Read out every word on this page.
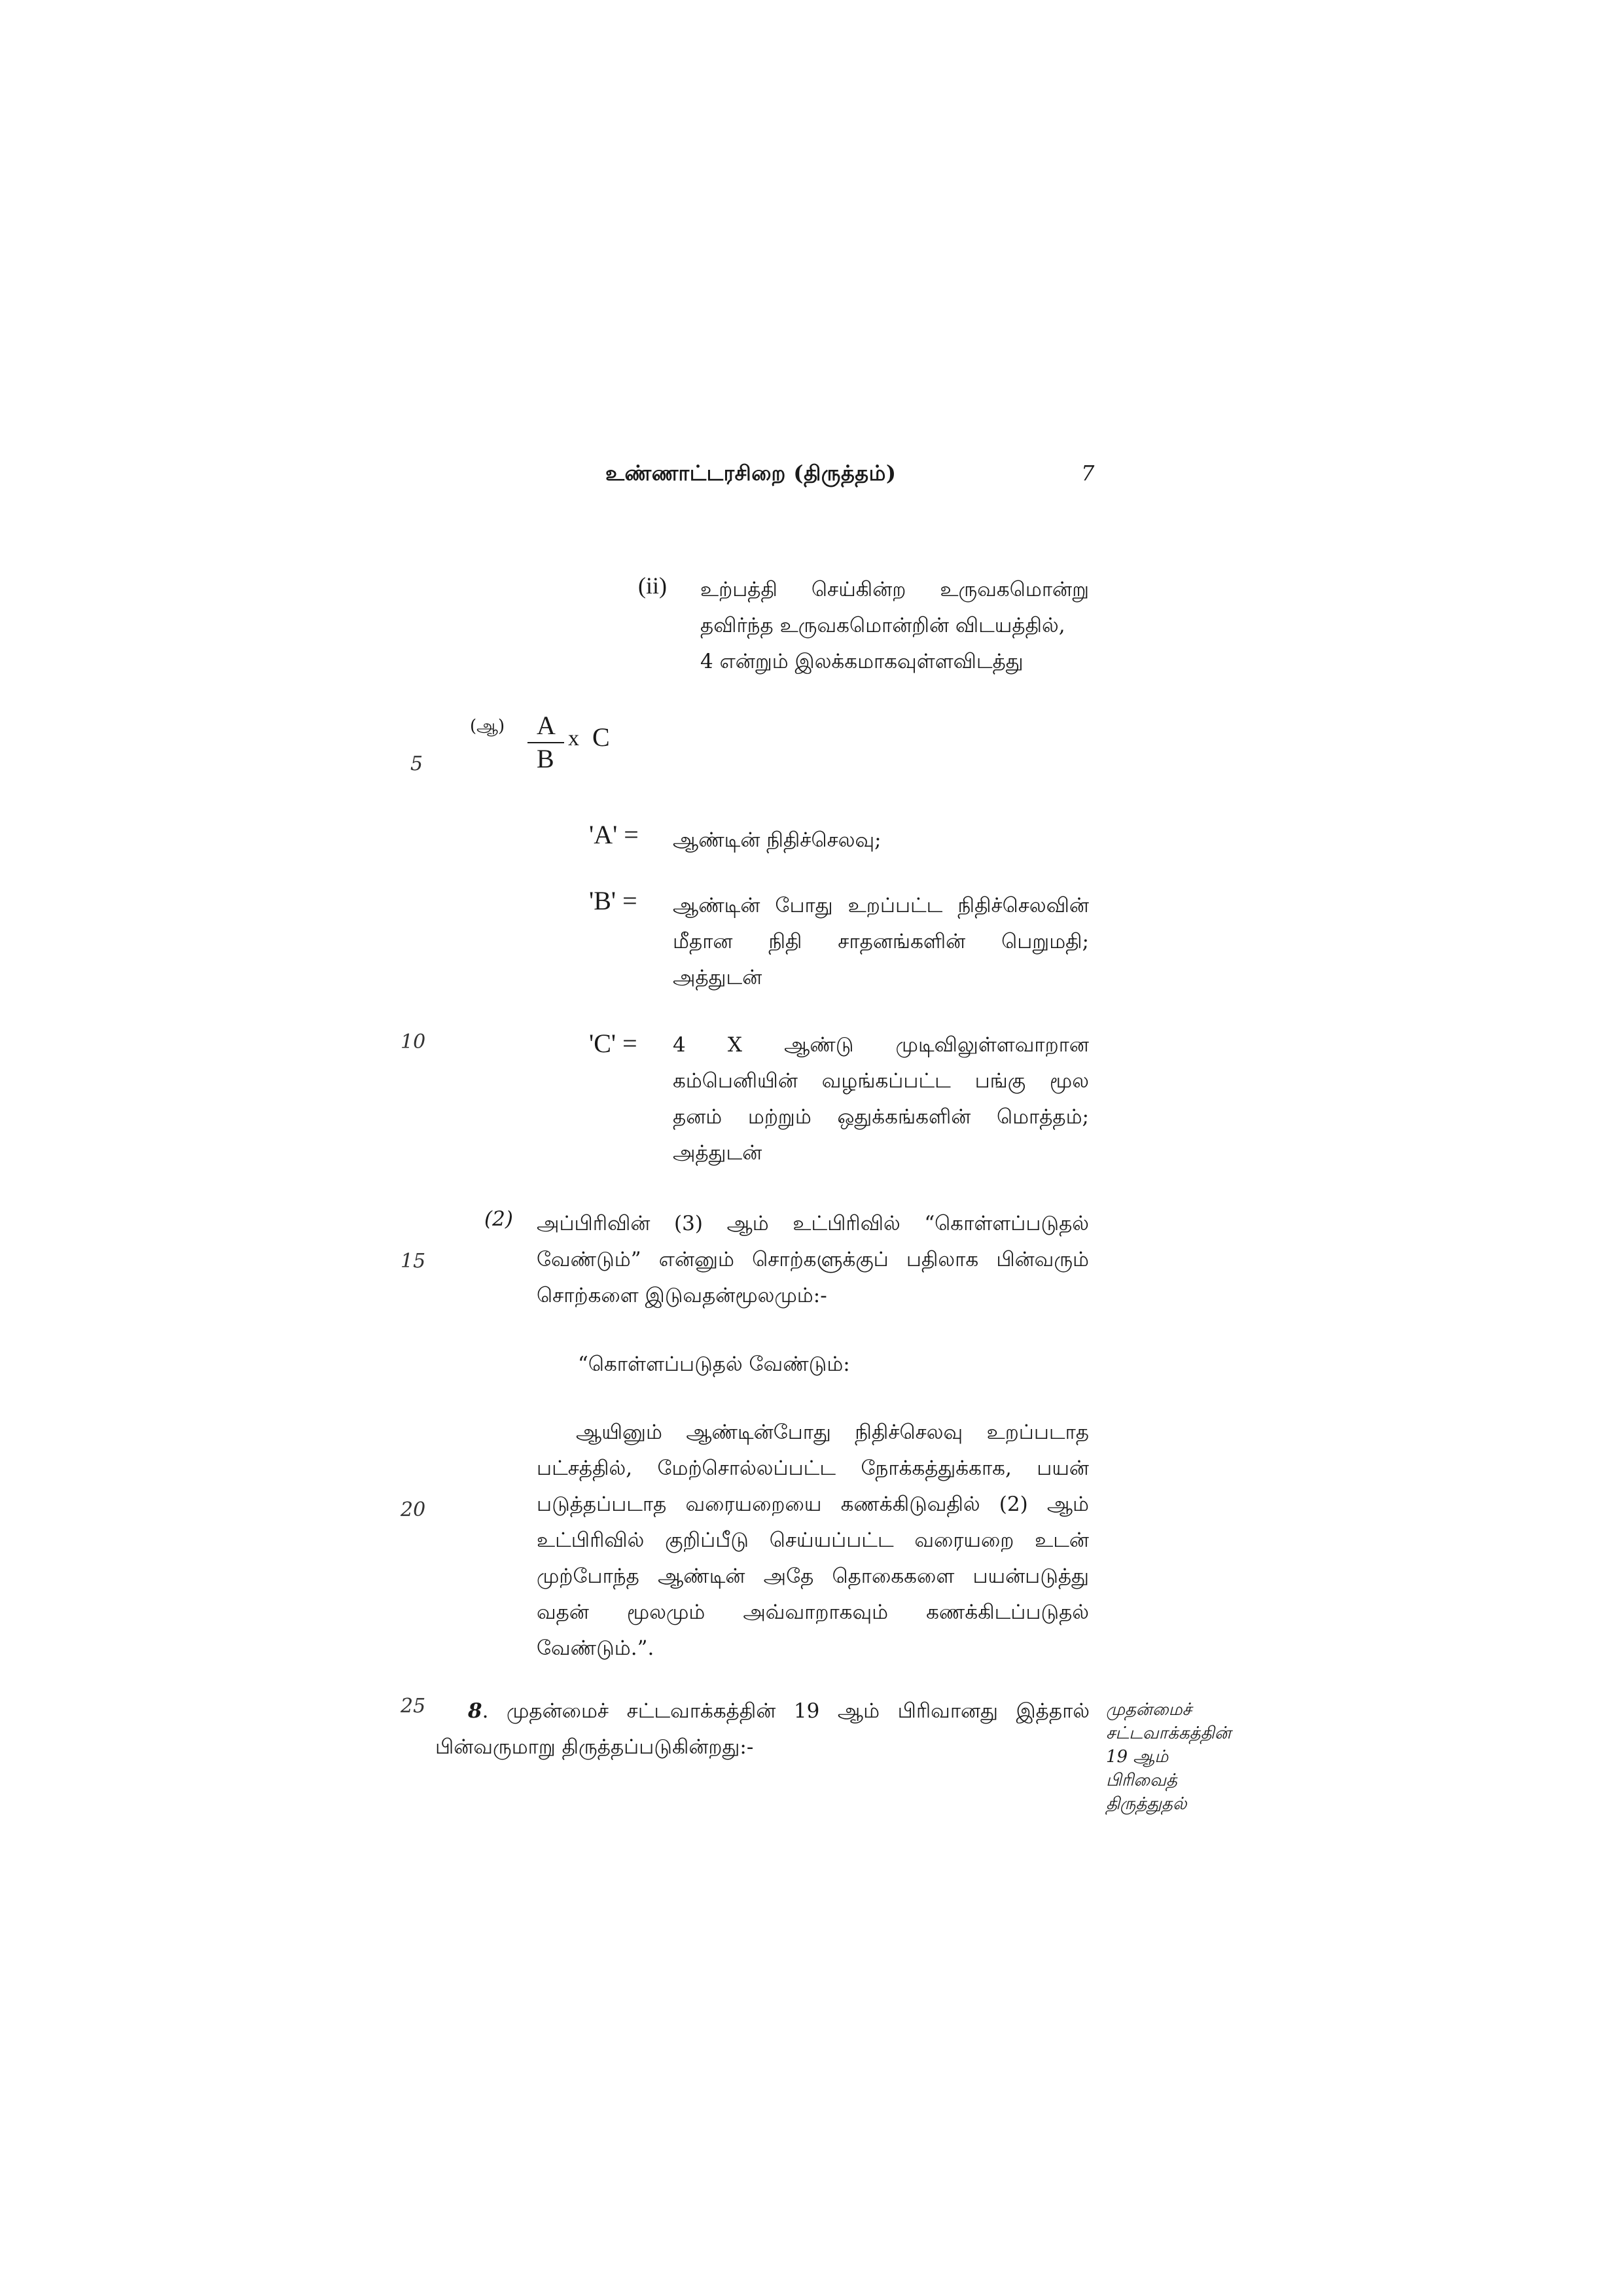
உண்ணாட்டரசிறை (திருத்தம்)	7
5
10
15
20
25
(ii) உற்பத்தி செய்கின்ற உருவகமொன்று

தவிர்ந்த உருவகமொன்றின் விடயத்தில்,

4 என்றும் இலக்கமாகவுள்ளவிடத்து

(ஆ) A
B
x C
'A' = ஆண்டின் நிதிச்செலவு;
'B' = ஆண்டின் போது உறப்பட்ட நிதிச்செலவின்

மீதான நிதி சாதனங்களின் பெறுமதி;

அத்துடன்

'C' = 4 X ஆண்டு முடிவிலுள்ளவாறான

கம்பெனியின் வழங்கப்பட்ட பங்கு மூல

தனம் மற்றும் ஒதுக்கங்களின் மொத்தம்;

அத்துடன்

(2) அப்பிரிவின் (3) ஆம் உட்பிரிவில் “கொள்ளப்படுதல்

வேண்டும்” என்னும் சொற்களுக்குப் பதிலாக பின்வரும்

சொற்களை இடுவதன்மூலமும்:-

“கொள்ளப்படுதல் வேண்டும்:

ஆயினும் ஆண்டின்போது நிதிச்செலவு உறப்படாத

பட்சத்தில், மேற்சொல்லப்பட்ட நோக்கத்துக்காக, பயன்

படுத்தப்படாத வரையறையை கணக்கிடுவதில் (2) ஆம்

உட்பிரிவில் குறிப்பீடு செய்யப்பட்ட வரையறை உடன்

முற்போந்த ஆண்டின் அதே தொகைகளை பயன்படுத்து

வதன் மூலமும் அவ்வாறாகவும் கணக்கிடப்படுதல்

வேண்டும்.”.

8. முதன்மைச் சட்டவாக்கத்தின் 19 ஆம் பிரிவானது இத்தால்
பின்வருமாறு திருத்தப்படுகின்றது:-
முதன்மைச்
சட்டவாக்கத்தின்
19 ஆம்
பிரிவைத்
திருத்துதல்
